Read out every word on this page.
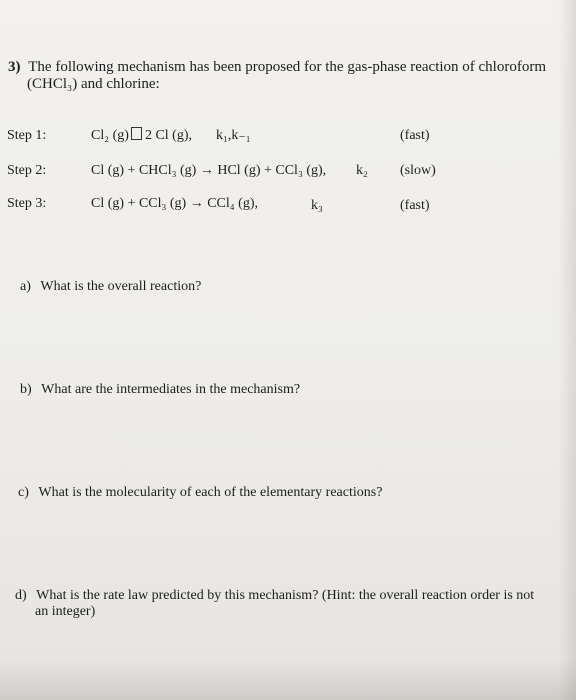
3) The following mechanism has been proposed for the gas-phase reaction of chloroform
(CHCl₃) and chlorine:
Step 1:	Cl₂ (g) 2 Cl (g), k₁,k₋₁	(fast)
Step 2:	Cl (g) + CHCl₃ (g) → HCl (g) + CCl₃ (g), k₂ (slow)
Step 3:	Cl (g) + CCl₃ (g) → CCl₄ (g),	k₃	(fast)
a) What is the overall reaction?
b) What are the intermediates in the mechanism?
c) What is the molecularity of each of the elementary reactions?
d) What is the rate law predicted by this mechanism? (Hint: the overall reaction order is not
an integer)
